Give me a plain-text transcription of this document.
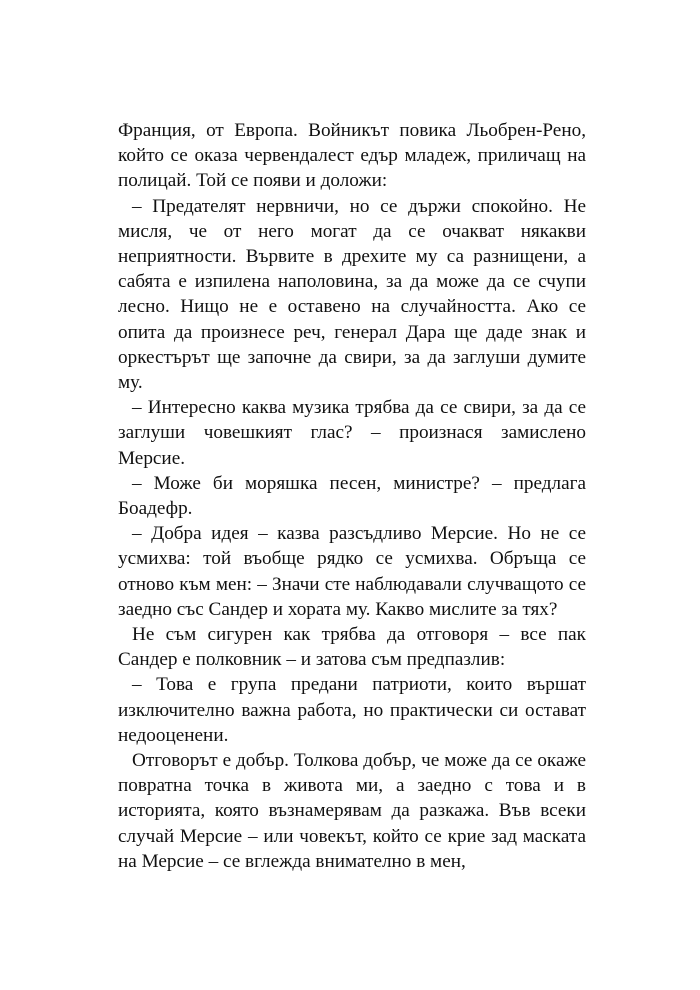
Франция, от Европа. Войникът повика Льобрен-Рено, който се оказа червендалест едър младеж, приличащ на полицай. Той се появи и доложи:

– Предателят нервничи, но се държи спокойно. Не мисля, че от него могат да се очакват някакви неприятности. Вървите в дрехите му са разнищени, а сабята е изпилена наполовина, за да може да се счупи лесно. Нищо не е оставено на случайността. Ако се опита да произнесе реч, генерал Дара ще даде знак и оркестърът ще започне да свири, за да заглуши думите му.

– Интересно каква музика трябва да се свири, за да се заглуши човешкият глас? – произнася замислено Мерсие.

– Може би моряшка песен, министре? – предлага Боадефр.

– Добра идея – казва разсъдливо Мерсие. Но не се усмихва: той въобще рядко се усмихва. Обръща се отново към мен: – Значи сте наблюдавали случващото се заедно със Сандер и хората му. Какво мислите за тях?

Не съм сигурен как трябва да отговоря – все пак Сандер е полковник – и затова съм предпазлив:

– Това е група предани патриоти, които вършат изключително важна работа, но практически си остават недооценени.

Отговорът е добър. Толкова добър, че може да се окаже повратна точка в живота ми, а заедно с това и в историята, която възнамерявам да разкажа. Във всеки случай Мерсие – или човекът, който се крие зад маската на Мерсие – се вглежда внимателно в мен,
